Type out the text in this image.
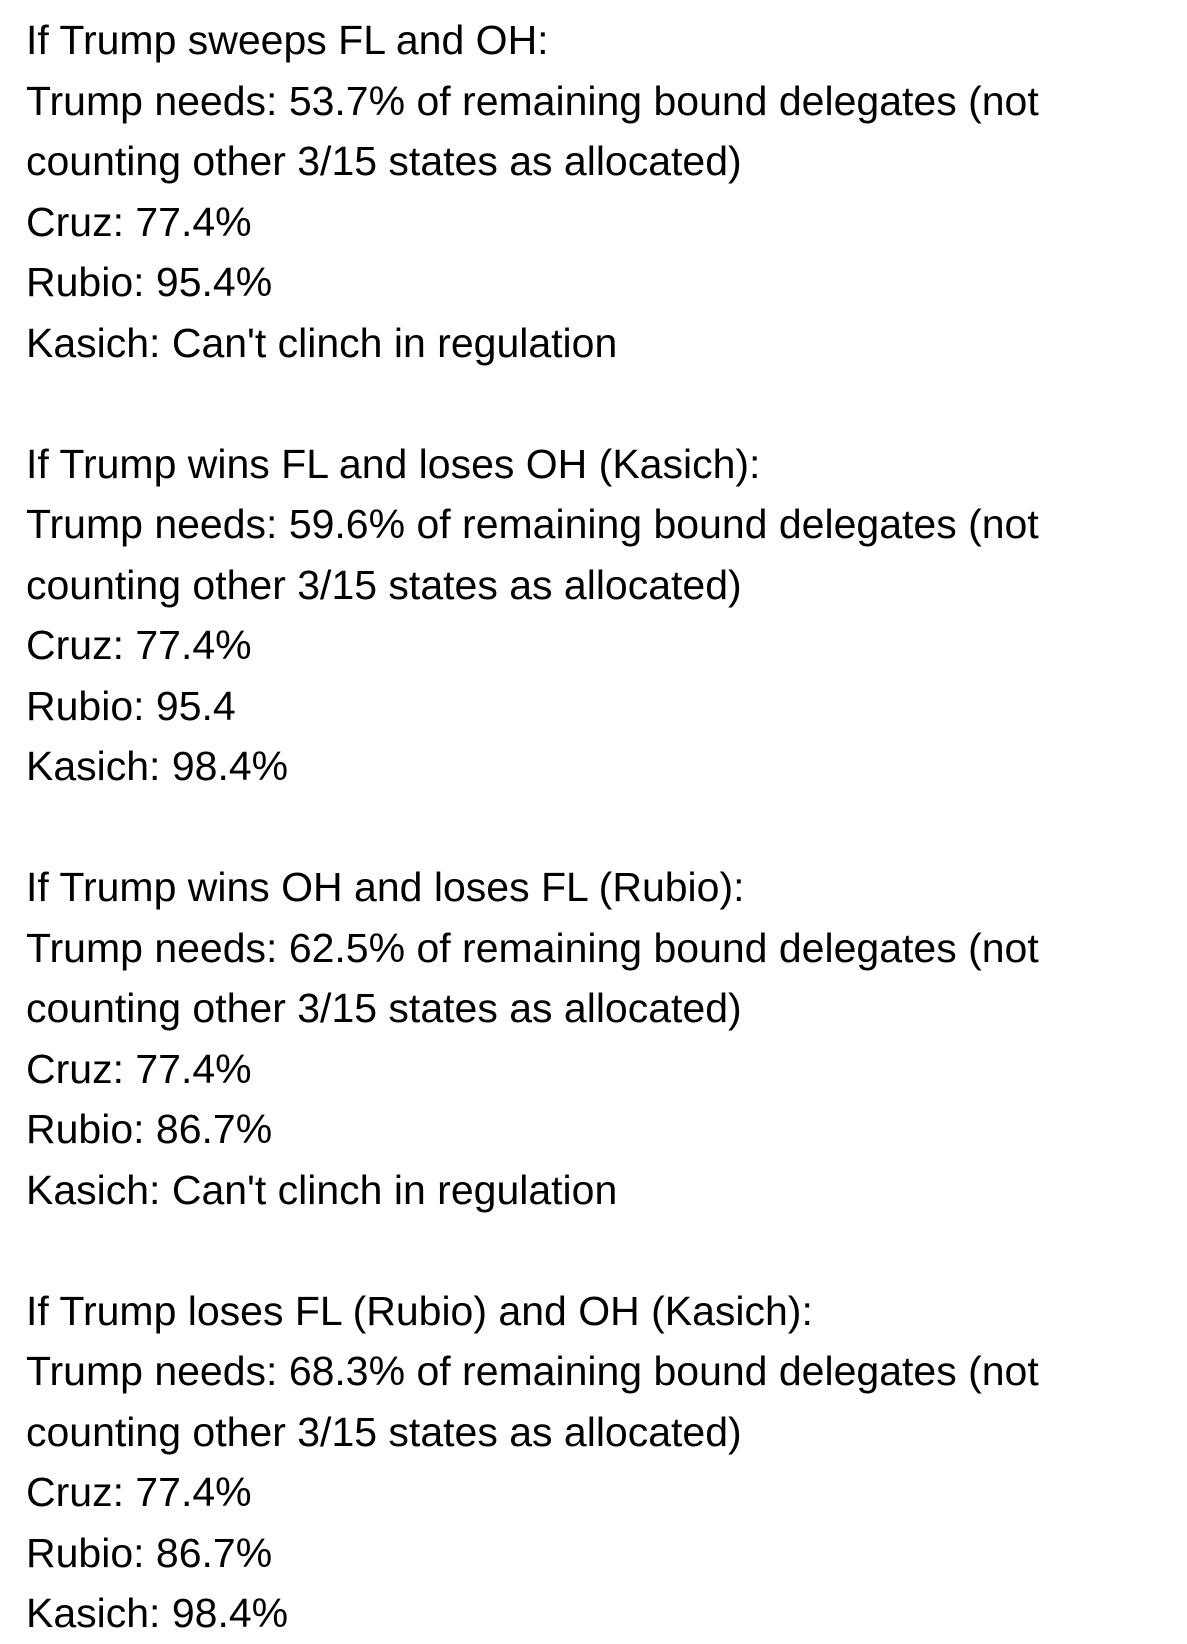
If Trump sweeps FL and OH:
Trump needs: 53.7% of remaining bound delegates (not
counting other 3/15 states as allocated)
Cruz: 77.4%
Rubio: 95.4%
Kasich: Can't clinch in regulation
If Trump wins FL and loses OH (Kasich):
Trump needs: 59.6% of remaining bound delegates (not
counting other 3/15 states as allocated)
Cruz: 77.4%
Rubio: 95.4
Kasich: 98.4%
If Trump wins OH and loses FL (Rubio):
Trump needs: 62.5% of remaining bound delegates (not
counting other 3/15 states as allocated)
Cruz: 77.4%
Rubio: 86.7%
Kasich: Can't clinch in regulation
If Trump loses FL (Rubio) and OH (Kasich):
Trump needs: 68.3% of remaining bound delegates (not
counting other 3/15 states as allocated)
Cruz: 77.4%
Rubio: 86.7%
Kasich: 98.4%
